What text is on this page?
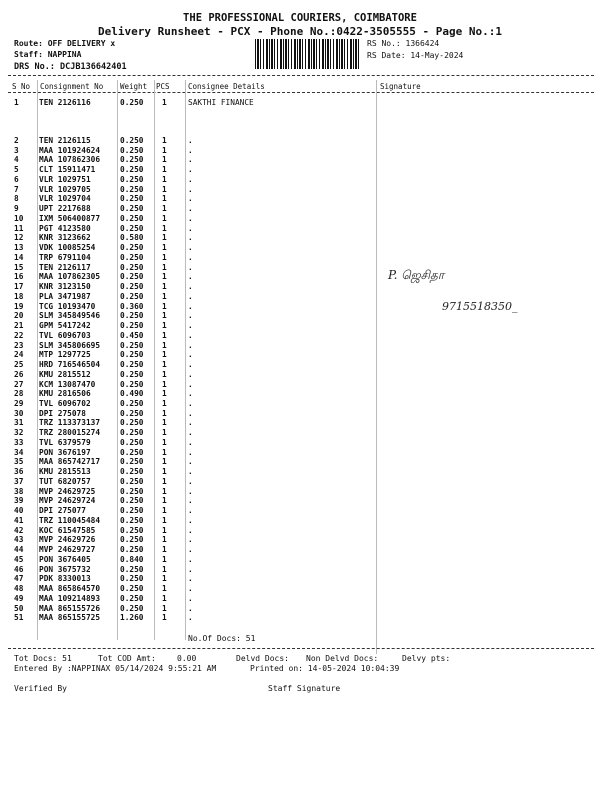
THE PROFESSIONAL COURIERS, COIMBATORE
Delivery Runsheet - PCX - Phone No.:0422-3505555 - Page No.:1
Route: OFF DELIVERY x
Staff: NAPPINA
DRS No.: DCJB136642401
RS No.: 1366424
RS Date: 14-May-2024
S No Consignment No Weight PCS Consignee Details	Signature
1	TEN 2126116	0.250 1	SAKTHI FINANCE
2	TEN 2126115	0.250 1	.
3	MAA 101924624	0.250 1	.
4	MAA 107862306	0.250 1	.
5	CLT 15911471	0.250 1	.
6	VLR 1029751	0.250 1	.
7	VLR 1029705	0.250 1	.
8	VLR 1029704	0.250 1	.
9	UPT 2217688	0.250 1	.
10 IXM 506400877	0.250 1	.
11 PGT 4123580	0.250 1	.
12 KNR 3123662	0.580 1	.
13 VDK 10085254	0.250 1	.
14 TRP 6791104	0.250 1	.
15 TEN 2126117	0.250 1	.
16 MAA 107862305	0.250 1	.
17 KNR 3123150	0.250 1	.
18 PLA 3471987	0.250 1	.
19 TCG 10193470	0.360 1	.
20 SLM 345849546	0.250 1	.
21 GPM 5417242	0.250 1	.
22 TVL 6096703	0.450 1	.
23 SLM 345806695	0.250 1	.
24 MTP 1297725	0.250 1	.
25 HRD 716546504	0.250 1	.
26 KMU 2815512	0.250 1	.
27 KCM 13087470	0.250 1	.
28 KMU 2816506	0.490 1	.
29 TVL 6096702	0.250 1	.
30 DPI 275078	0.250 1	.
31 TRZ 113373137	0.250 1	.
32 TRZ 280015274	0.250 1	.
33 TVL 6379579	0.250 1	.
34 PON 3676197	0.250 1	.
35 MAA 865742717	0.250 1	.
36 KMU 2815513	0.250 1	.
37 TUT 6820757	0.250 1	.
38 MVP 24629725	0.250 1	.
39 MVP 24629724	0.250 1	.
40 DPI 275077	0.250 1	.
41 TRZ 110045484	0.250 1	.
42 KOC 61547585	0.250 1	.
43 MVP 24629726	0.250 1	.
44 MVP 24629727	0.250 1	.
45 PON 3676405	0.840 1	.
46 PON 3675732	0.250 1	.
47 PDK 8330013	0.250 1	.
48 MAA 865864570	0.250 1	.
49 MAA 109214893	0.250 1	.
50 MAA 865155726	0.250 1	.
51 MAA 865155725	1.260 1	.
No.Of Docs: 51
P. ஜெசிதா
9715518350_
Tot Docs: 51	Tot COD Amt:	0.00	Delvd Docs: Non Delvd Docs:	Delvy pts:
Entered By :NAPPINAX 05/14/2024 9:55:21 AM	Printed on: 14-05-2024 10:04:39
Verified By	Staff Signature
